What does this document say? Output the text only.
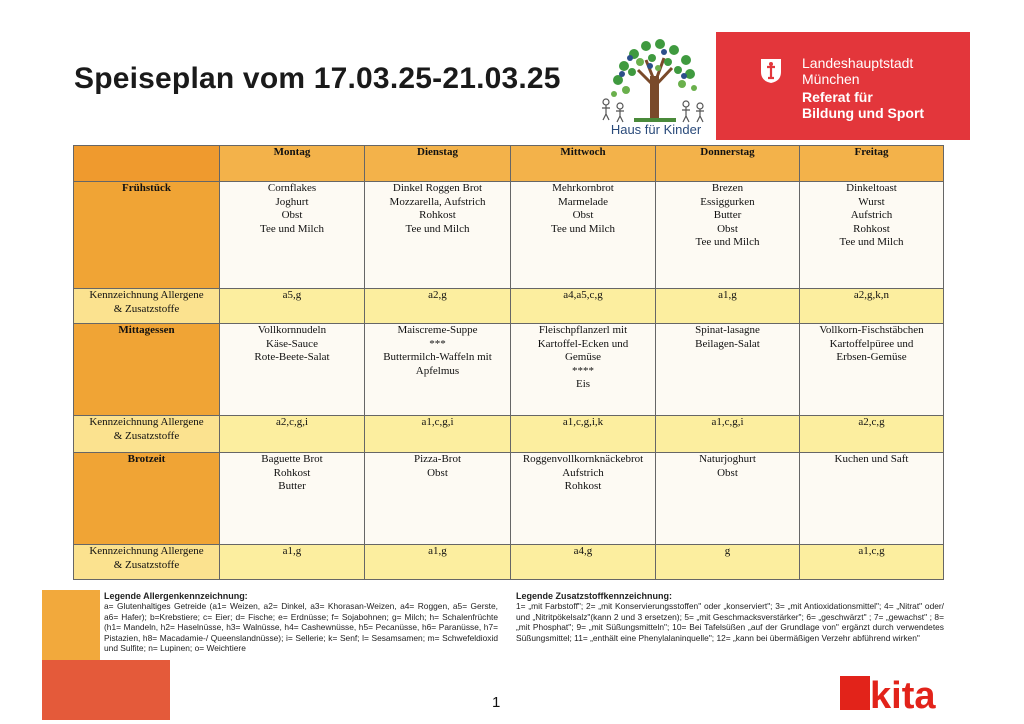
Speiseplan vom 17.03.25-21.03.25
Haus für Kinder
Landeshauptstadt
München
Referat für
Bildung und Sport
	Montag	Dienstag	Mittwoch	Donnerstag	Freitag
Frühstück	Cornflakes
Joghurt
Obst
Tee und Milch	Dinkel Roggen Brot
Mozzarella, Aufstrich
Rohkost
Tee und Milch	Mehrkornbrot
Marmelade
Obst
Tee und Milch	Brezen
Essiggurken
Butter
Obst
Tee und Milch	Dinkeltoast
Wurst
Aufstrich
Rohkost
Tee und Milch

Kennzeichnung Allergene
& Zusatzstoffe	a5,g	a2,g	a4,a5,c,g	a1,g	a2,g,k,n
Mittagessen	Vollkornnudeln
Käse-Sauce
Rote-Beete-Salat	Maiscreme-Suppe
***
Buttermilch-Waffeln mit
Apfelmus	Fleischpflanzerl mit
Kartoffel-Ecken und
Gemüse
****
Eis	Spinat-lasagne
Beilagen-Salat	Vollkorn-Fischstäbchen
Kartoffelpüree und
Erbsen-Gemüse

Kennzeichnung Allergene
& Zusatzstoffe	a2,c,g,i	a1,c,g,i	a1,c,g,i,k	a1,c,g,i	a2,c,g
Brotzeit	Baguette Brot
Rohkost
Butter	Pizza-Brot
Obst	Roggenvollkornknäckebrot
Aufstrich
Rohkost	Naturjoghurt
Obst	Kuchen und Saft

Kennzeichnung Allergene
& Zusatzstoffe	a1,g	a1,g	a4,g	g	a1,c,g
Legende Allergenkennzeichnung:
a= Glutenhaltiges Getreide (a1= Weizen, a2= Dinkel, a3= Khorasan-Weizen, a4= Roggen, a5= Gerste, a6= Hafer); b=Krebstiere; c= Eier; d= Fische; e= Erdnüsse; f= Sojabohnen; g= Milch; h= Schalenfrüchte (h1= Mandeln, h2= Haselnüsse, h3= Walnüsse, h4= Cashewnüsse, h5= Pecanüsse, h6= Paranüsse, h7= Pistazien, h8= Macadamie-/ Queenslandnüsse); i= Sellerie; k= Senf; l= Sesamsamen; m= Schwefeldioxid und Sulfite; n= Lupinen; o= Weichtiere
Legende Zusatzstoffkennzeichnung:
1= „mit Farbstoff"; 2= „mit Konservierungsstoffen" oder „konserviert"; 3= „mit Antioxidationsmittel"; 4= „Nitrat" oder/ und „Nitritpökelsalz"(kann 2 und 3 ersetzen); 5= „mit Geschmacksverstärker"; 6= „geschwärzt" ; 7= „gewachst" ; 8= „mit Phosphat"; 9= „mit Süßungsmitteln"; 10= Bei Tafelsüßen „auf der Grundlage von" ergänzt durch verwendetes Süßungsmittel; 11= „enthält eine Phenylalaninquelle"; 12= „kann bei übermäßigen Verzehr abführend wirken"
1	kita
